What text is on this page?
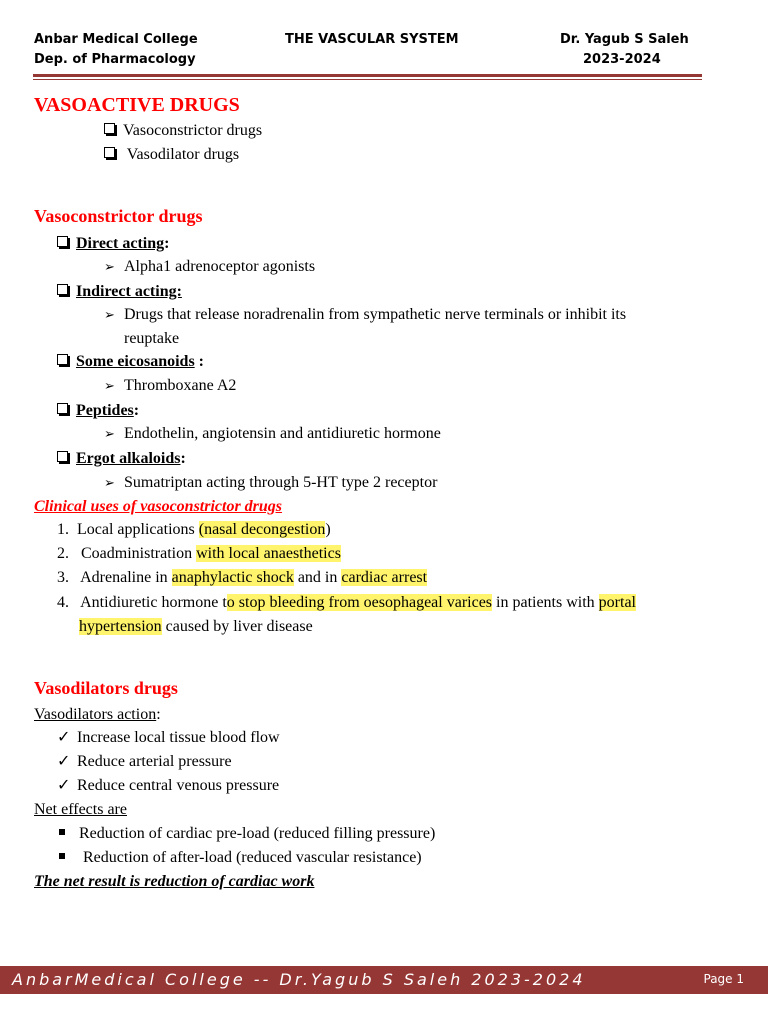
Anbar Medical College
Dep. of Pharmacology
THE VASCULAR SYSTEM	Dr. Yagub S Saleh
2023-2024
VASOACTIVE DRUGS
Vasoconstrictor drugs
Vasodilator drugs
Vasoconstrictor drugs
Direct acting:
➢ Alpha1 adrenoceptor agonists
Indirect acting:
➢ Drugs that release noradrenalin from sympathetic nerve terminals or inhibit its
reuptake
Some eicosanoids :
➢ Thromboxane A2
Peptides:
➢ Endothelin, angiotensin and antidiuretic hormone
Ergot alkaloids:
➢ Sumatriptan acting through 5-HT type 2 receptor
Clinical uses of vasoconstrictor drugs
1. Local applications (nasal decongestion)
2. Coadministration with local anaesthetics
3. Adrenaline in anaphylactic shock and in cardiac arrest
4. Antidiuretic hormone to stop bleeding from oesophageal varices in patients with portal
hypertension caused by liver disease
Vasodilators drugs
Vasodilators action:
✓ Increase local tissue blood flow
✓ Reduce arterial pressure
✓ Reduce central venous pressure
Net effects are
Reduction of cardiac pre-load (reduced filling pressure)
Reduction of after-load (reduced vascular resistance)
The net result is reduction of cardiac work
AnbarMedical College -- Dr.Yagub S Saleh 2023-2024	Page 1
